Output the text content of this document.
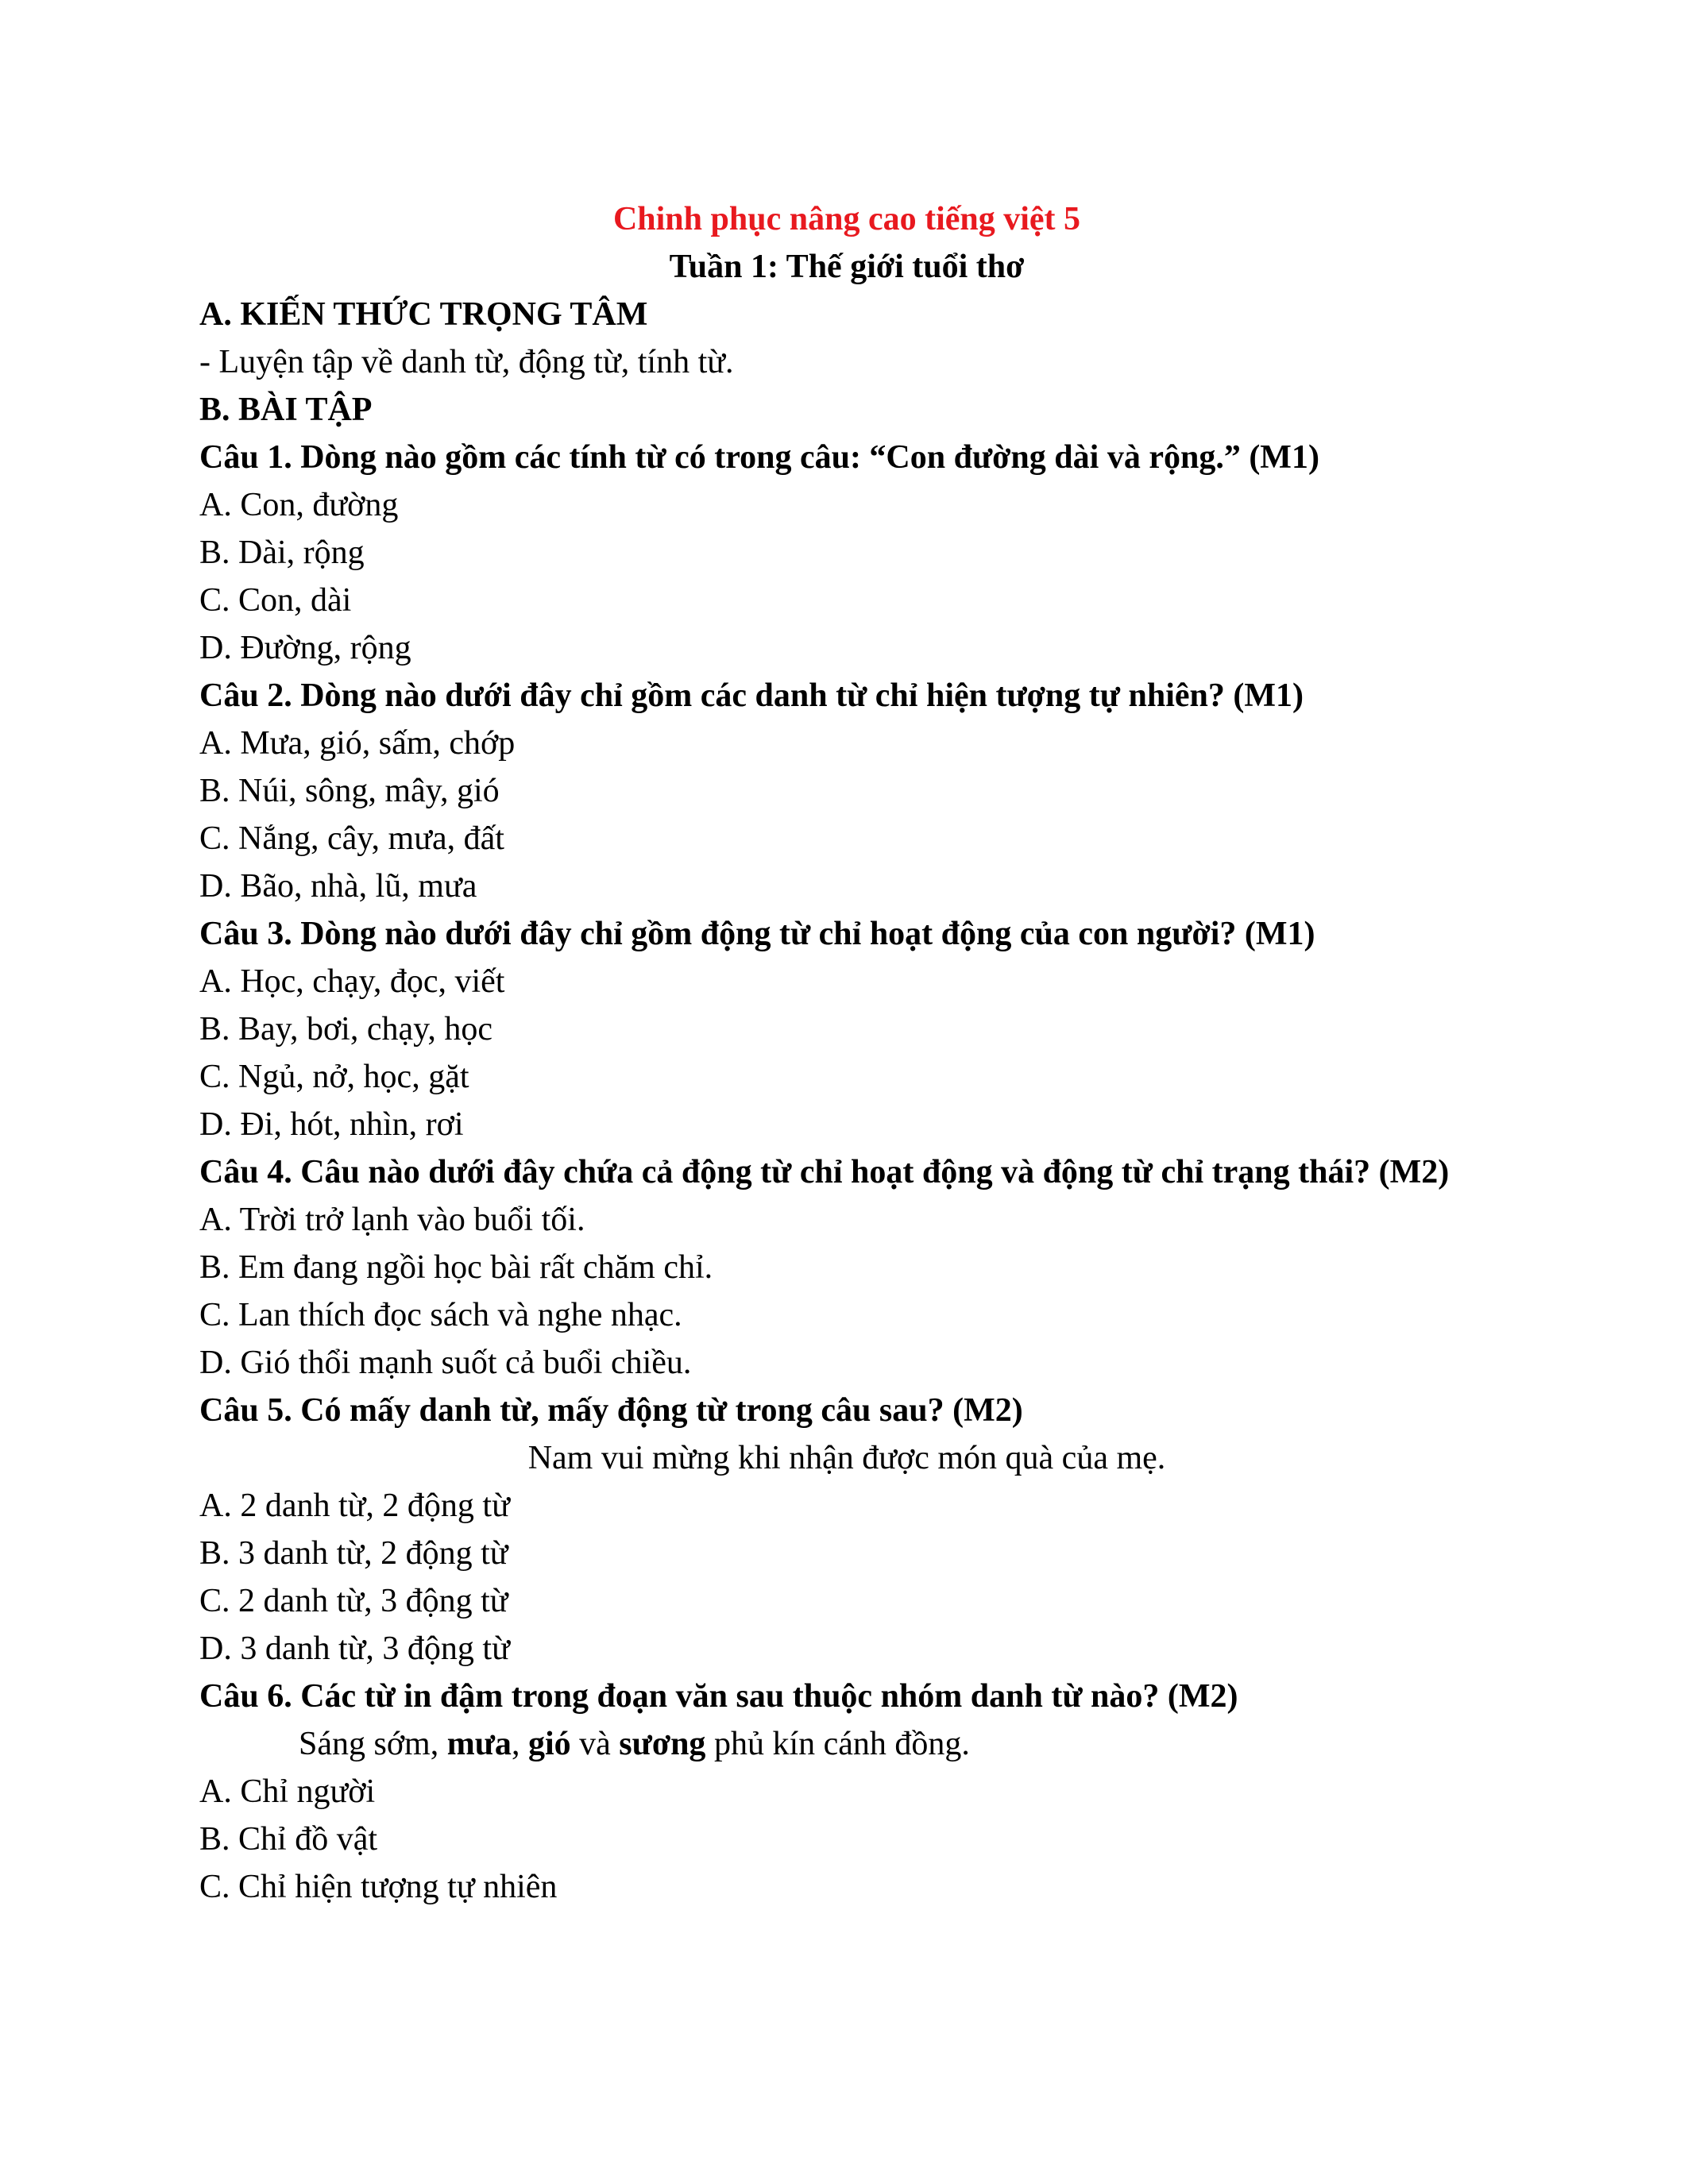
Chinh phục nâng cao tiếng việt 5
Tuần 1: Thế giới tuổi thơ
A. KIẾN THỨC TRỌNG TÂM
- Luyện tập về danh từ, động từ, tính từ.
B. BÀI TẬP
Câu 1. Dòng nào gồm các tính từ có trong câu: “Con đường dài và rộng.” (M1)
A. Con, đường
B. Dài, rộng
C. Con, dài
D. Đường, rộng
Câu 2. Dòng nào dưới đây chỉ gồm các danh từ chỉ hiện tượng tự nhiên? (M1)
A. Mưa, gió, sấm, chớp
B. Núi, sông, mây, gió
C. Nắng, cây, mưa, đất
D. Bão, nhà, lũ, mưa
Câu 3. Dòng nào dưới đây chỉ gồm động từ chỉ hoạt động của con người? (M1)
A. Học, chạy, đọc, viết
B. Bay, bơi, chạy, học
C. Ngủ, nở, học, gặt
D. Đi, hót, nhìn, rơi
Câu 4. Câu nào dưới đây chứa cả động từ chỉ hoạt động và động từ chỉ trạng thái? (M2)
A. Trời trở lạnh vào buổi tối.
B. Em đang ngồi học bài rất chăm chỉ.
C. Lan thích đọc sách và nghe nhạc.
D. Gió thổi mạnh suốt cả buổi chiều.
Câu 5. Có mấy danh từ, mấy động từ trong câu sau? (M2)
Nam vui mừng khi nhận được món quà của mẹ.
A. 2 danh từ, 2 động từ
B. 3 danh từ, 2 động từ
C. 2 danh từ, 3 động từ
D. 3 danh từ, 3 động từ
Câu 6. Các từ in đậm trong đoạn văn sau thuộc nhóm danh từ nào? (M2)
Sáng sớm, mưa, gió và sương phủ kín cánh đồng.
A. Chỉ người
B. Chỉ đồ vật
C. Chỉ hiện tượng tự nhiên
